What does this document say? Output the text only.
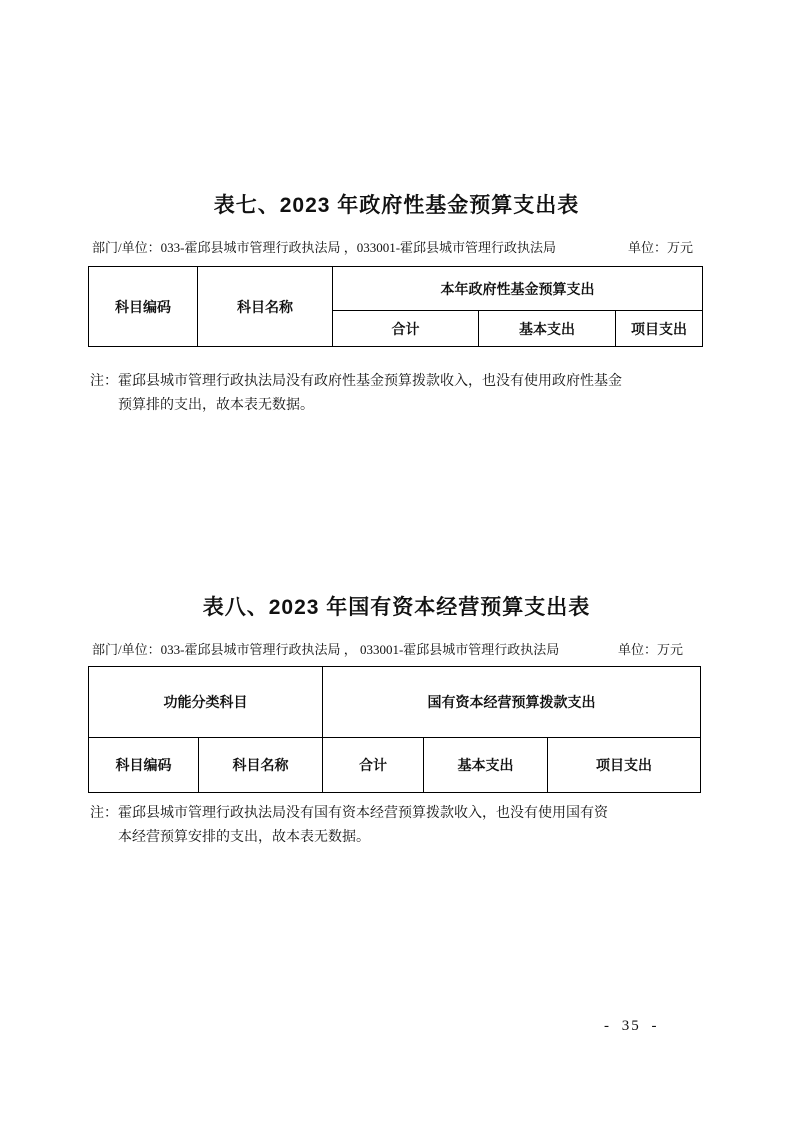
表七、2023 年政府性基金预算支出表
部门/单位：033-霍邱县城市管理行政执法局 ，033001-霍邱县城市管理行政执法局	单位：万元
科目编码	科目名称	本年政府性基金预算支出		
		合计	基本支出	项目支出
注：霍邱县城市管理行政执法局没有政府性基金预算拨款收入，也没有使用政府性基金
预算排的支出，故本表无数据。
表八、2023 年国有资本经营预算支出表
部门/单位：033-霍邱县城市管理行政执法局 ， 033001-霍邱县城市管理行政执法局	单位：万元
功能分类科目		国有资本经营预算拨款支出		
科目编码	科目名称	合计	基本支出	项目支出
注：霍邱县城市管理行政执法局没有国有资本经营预算拨款收入，也没有使用国有资
本经营预算安排的支出，故本表无数据。
- 35 -
